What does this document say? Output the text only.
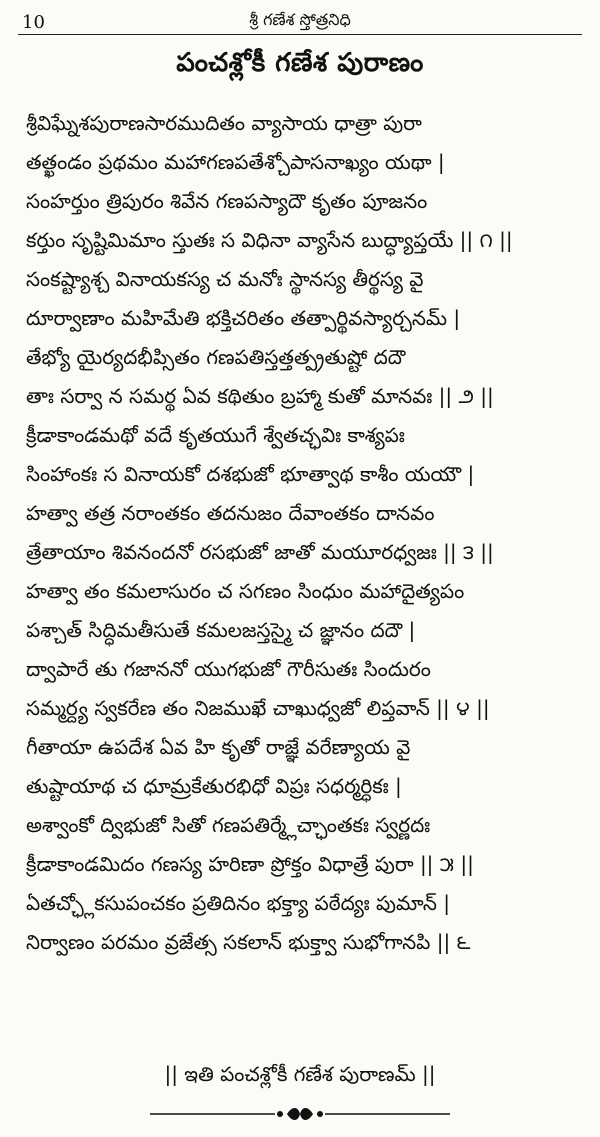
10	శ్రీ గణేశ స్తోత్రనిధి
పంచశ్లోకీ గణేశ పురాణం
శ్రీవిఘ్నేశపురాణసారముదితం వ్యాసాయ ధాత్రా పురా
తత్ఖండం ప్రథమం మహాగణపతేశ్చోపాసనాఖ్యం యథా |
సంహర్తుం త్రిపురం శివేన గణపస్యాదౌ కృతం పూజనం
కర్తుం సృష్టిమిమాం స్తుతః స విధినా వ్యాసేన బుద్ధ్యాప్తయే || ౧ ||
సంకష్ట్యాశ్చ వినాయకస్య చ మనోః స్థానస్య తీర్థస్య వై
దూర్వాణాం మహిమేతి భక్తిచరితం తత్పార్థివస్యార్చనమ్ |
తేభ్యో యైర్యదభీప్సితం గణపతిస్తత్తత్ప్రతుష్టో దదౌ
తాః సర్వా న సమర్థ ఏవ కథితుం బ్రహ్మా కుతో మానవః || ౨ ||
క్రీడాకాండమథో వదే కృతయుగే శ్వేతచ్ఛవిః కాశ్యపః
సింహాంకః స వినాయకో దశభుజో భూత్వాథ కాశీం యయౌ |
హత్వా తత్ర నరాంతకం తదనుజం దేవాంతకం దానవం
త్రేతాయాం శివనందనో రసభుజో జాతో మయూరధ్వజః || ౩ ||
హత్వా తం కమలాసురం చ సగణం సింధుం మహాదైత్యపం
పశ్చాత్ సిద్ధిమతీసుతే కమలజస్తస్మై చ జ్ఞానం దదౌ |
ద్వాపారే తు గజాననో యుగభుజో గౌరీసుతః సిందురం
సమ్మర్ద్య స్వకరేణ తం నిజముఖే చాఖుధ్వజో లిప్తవాన్ || ౪ ||
గీతాయా ఉపదేశ ఏవ హి కృతో రాజ్ఞే వరేణ్యాయ వై
తుష్టాయాథ చ ధూమ్రకేతురభిధో విప్రః సధర్మర్ధికః |
అశ్వాంకో ద్విభుజో సితో గణపతిర్మ్లేచ్ఛాంతకః స్వర్ణదః
క్రీడాకాండమిదం గణస్య హరిణా ప్రోక్తం విధాత్రే పురా || ౫ ||
ఏతచ్ఛ్లోకసుపంచకం ప్రతిదినం భక్త్యా పఠేద్యః పుమాన్ |
నిర్వాణం పరమం వ్రజేత్స సకలాన్ భుక్త్వా సుభోగానపి || ౬
|| ఇతి పంచశ్లోకీ గణేశ పురాణమ్ ||
